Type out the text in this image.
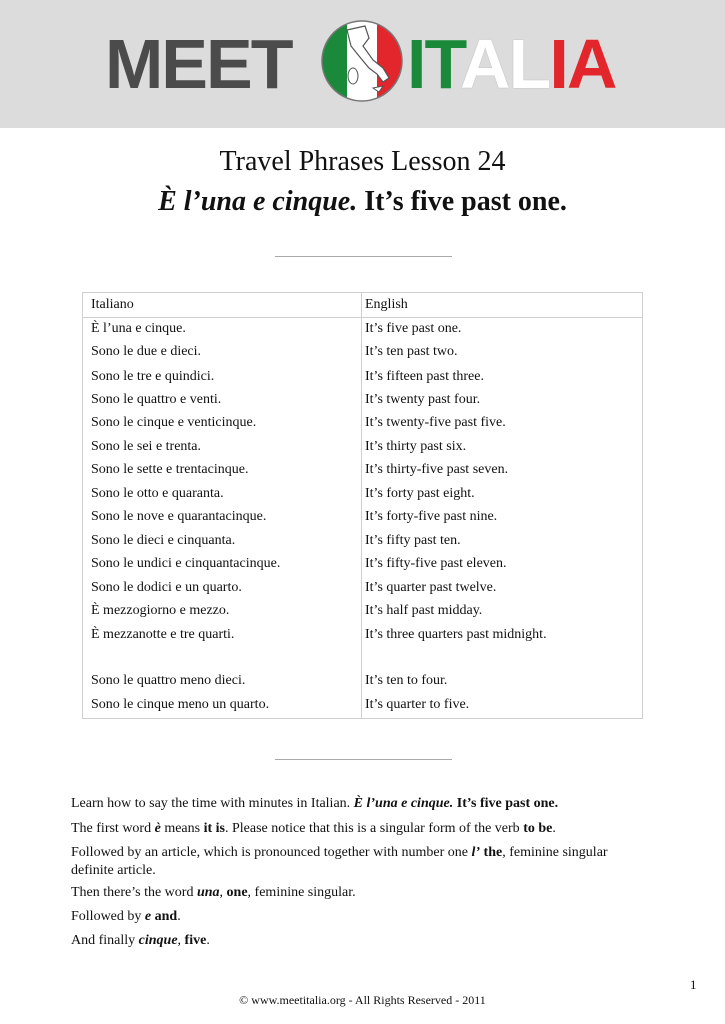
MEET ITALIA
Travel Phrases Lesson 24
È l’una e cinque. It’s five past one.
Italiano	English
È l’una e cinque.	It’s five past one.
Sono le due e dieci.	It’s ten past two.
Sono le tre e quindici.	It’s fifteen past three.
Sono le quattro e venti.	It’s twenty past four.
Sono le cinque e venticinque.	It’s twenty-five past five.
Sono le sei e trenta.	It’s thirty past six.
Sono le sette e trentacinque.	It’s thirty-five past seven.
Sono le otto e quaranta.	It’s forty past eight.
Sono le nove e quarantacinque.	It’s forty-five past nine.
Sono le dieci e cinquanta.	It’s fifty past ten.
Sono le undici e cinquantacinque.	It’s fifty-five past eleven.
Sono le dodici e un quarto.	It’s quarter past twelve.
È mezzogiorno e mezzo.	It’s half past midday.
È mezzanotte e tre quarti.	It’s three quarters past midnight.
Sono le quattro meno dieci.	It’s ten to four.
Sono le cinque meno un quarto.	It’s quarter to five.
Learn how to say the time with minutes in Italian. È l’una e cinque. It’s five past one.
The first word è means it is. Please notice that this is a singular form of the verb to be.
Followed by an article, which is pronounced together with number one l’ the, feminine singular definite article.
Then there’s the word una, one, feminine singular.
Followed by e and.
And finally cinque, five.
1
© www.meetitalia.org - All Rights Reserved - 2011
